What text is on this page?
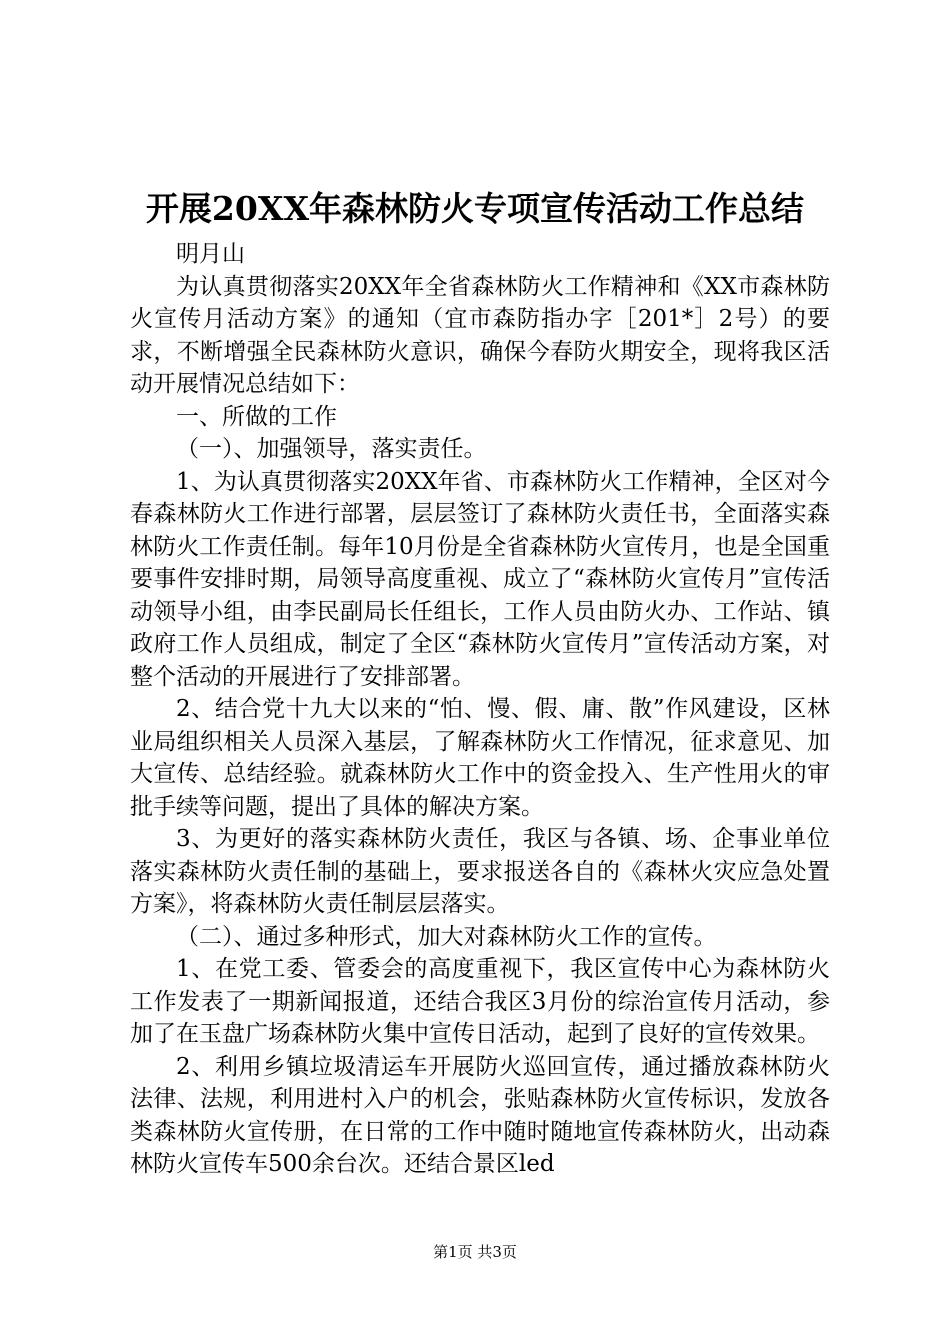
开展20XX年森林防火专项宣传活动工作总结

明月山

为认真贯彻落实20XX年全省森林防火工作精神和《XX市森林防火宣传月活动方案》的通知（宜市森防指办字［201*］2号）的要求，不断增强全民森林防火意识，确保今春防火期安全，现将我区活动开展情况总结如下：

一、所做的工作

（一）、加强领导，落实责任。

1、为认真贯彻落实20XX年省、市森林防火工作精神，全区对今春森林防火工作进行部署，层层签订了森林防火责任书，全面落实森林防火工作责任制。每年10月份是全省森林防火宣传月，也是全国重要事件安排时期，局领导高度重视、成立了“森林防火宣传月”宣传活动领导小组，由李民副局长任组长，工作人员由防火办、工作站、镇政府工作人员组成，制定了全区“森林防火宣传月”宣传活动方案，对整个活动的开展进行了安排部署。

2、结合党十九大以来的“怕、慢、假、庸、散”作风建设，区林业局组织相关人员深入基层，了解森林防火工作情况，征求意见、加大宣传、总结经验。就森林防火工作中的资金投入、生产性用火的审批手续等问题，提出了具体的解决方案。

3、为更好的落实森林防火责任，我区与各镇、场、企事业单位落实森林防火责任制的基础上，要求报送各自的《森林火灾应急处置方案》，将森林防火责任制层层落实。

（二）、通过多种形式，加大对森林防火工作的宣传。

1、在党工委、管委会的高度重视下，我区宣传中心为森林防火工作发表了一期新闻报道，还结合我区3月份的综治宣传月活动，参加了在玉盘广场森林防火集中宣传日活动，起到了良好的宣传效果。

2、利用乡镇垃圾清运车开展防火巡回宣传，通过播放森林防火法律、法规，利用进村入户的机会，张贴森林防火宣传标识，发放各类森林防火宣传册，在日常的工作中随时随地宣传森林防火，出动森林防火宣传车500余台次。还结合景区led

第1页 共3页
